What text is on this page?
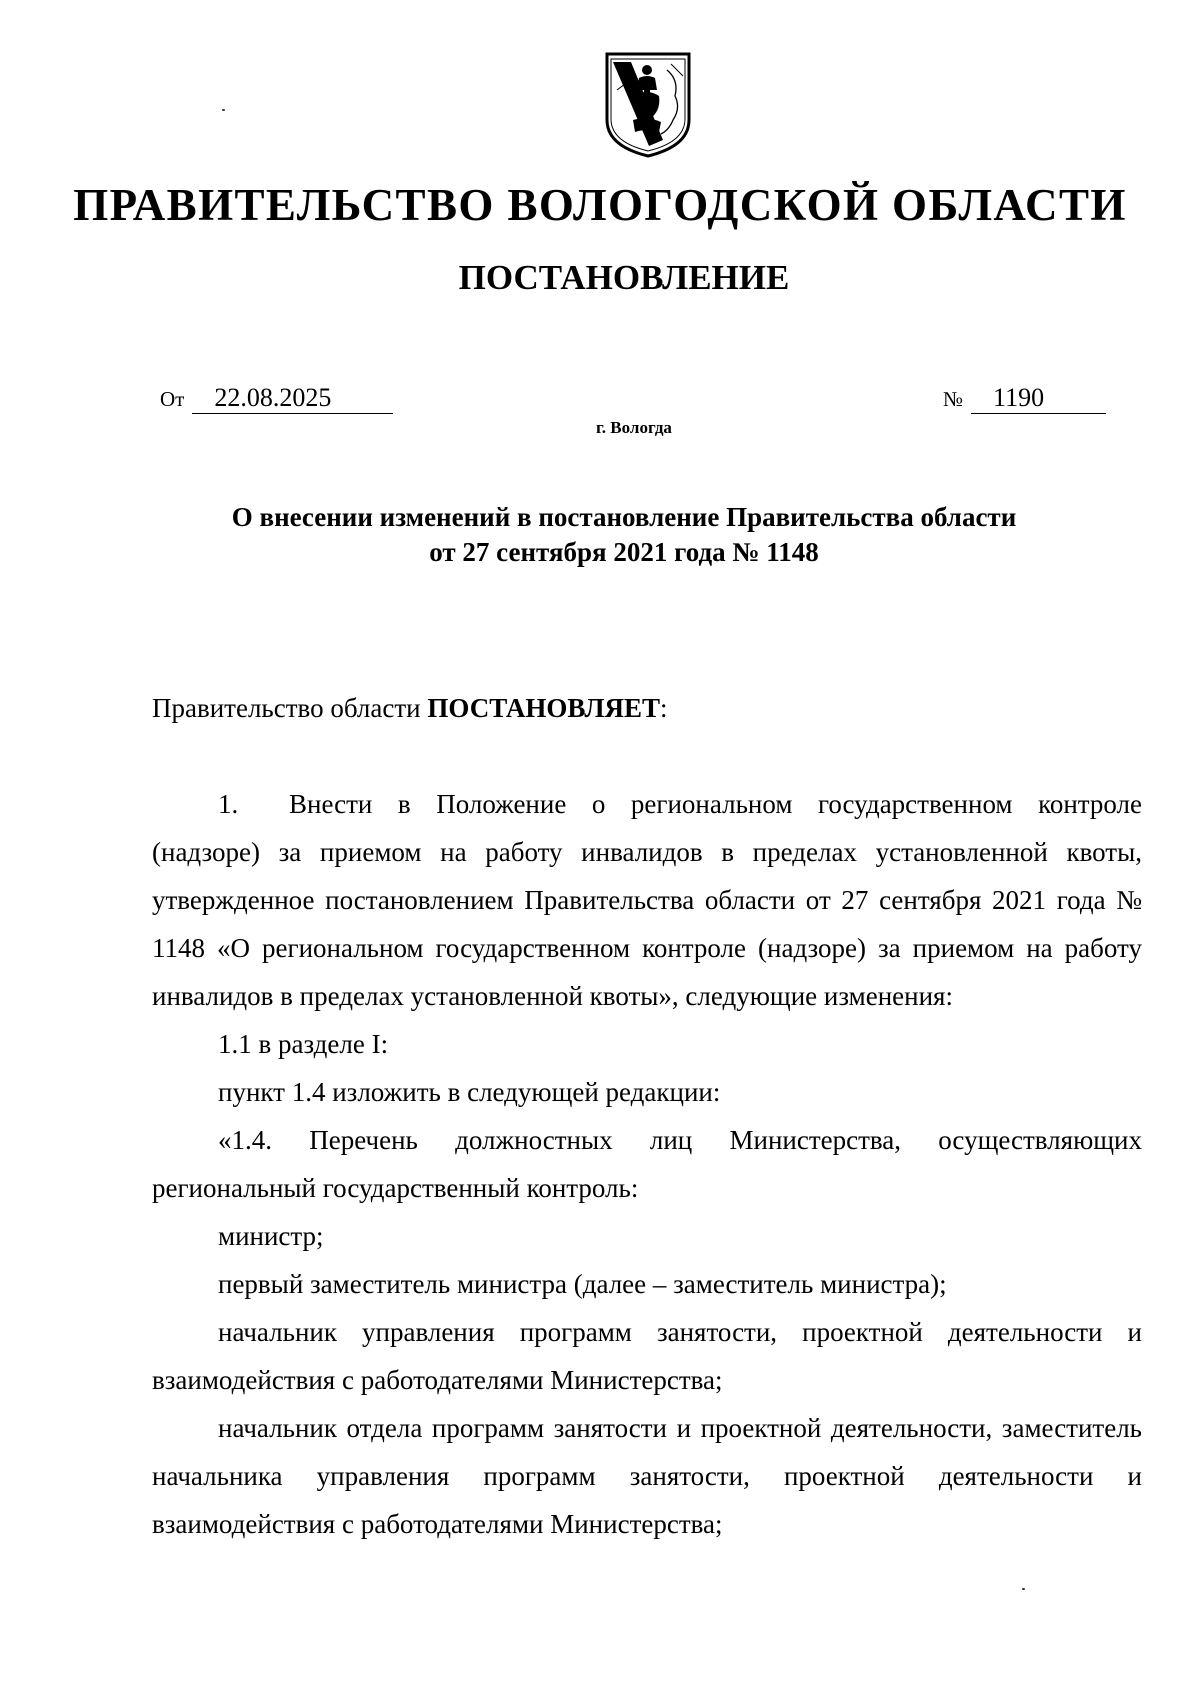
ПРАВИТЕЛЬСТВО ВОЛОГОДСКОЙ ОБЛАСТИ
ПОСТАНОВЛЕНИЕ
От 22.08.2025	№ 1190
г. Вологда
О внесении изменений в постановление Правительства области
от 27 сентября 2021 года № 1148

Правительство области ПОСТАНОВЛЯЕТ:

1. Внести в Положение о региональном государственном контроле (надзоре) за приемом на работу инвалидов в пределах установленной квоты, утвержденное постановлением Правительства области от 27 сентября 2021 года № 1148 «О региональном государственном контроле (надзоре) за приемом на работу инвалидов в пределах установленной квоты», следующие изменения:

1.1 в разделе I:

пункт 1.4 изложить в следующей редакции:

«1.4. Перечень должностных лиц Министерства, осуществляющих региональный государственный контроль:

министр;

первый заместитель министра (далее – заместитель министра);

начальник управления программ занятости, проектной деятельности и взаимодействия с работодателями Министерства;

начальник отдела программ занятости и проектной деятельности, заместитель начальника управления программ занятости, проектной деятельности и взаимодействия с работодателями Министерства;
